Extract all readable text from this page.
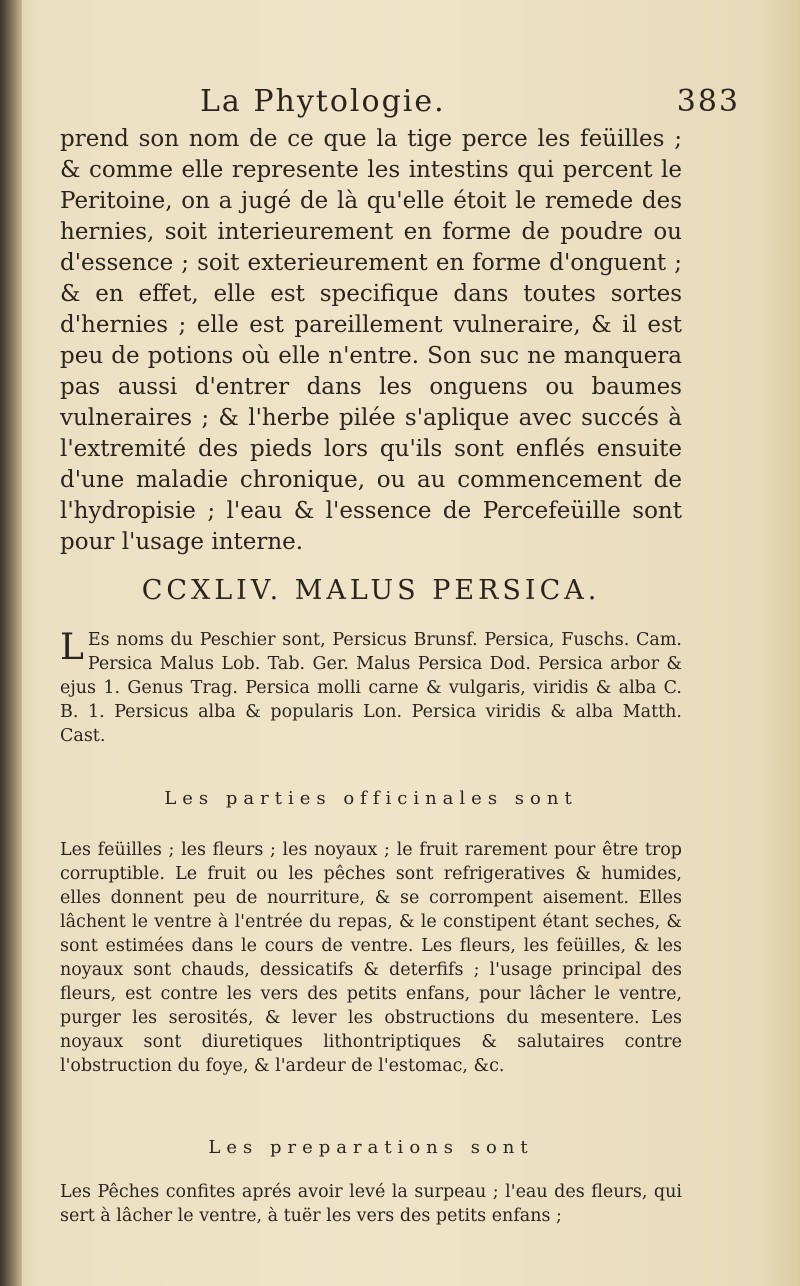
La Phytologie.	383

prend son nom de ce que la tige perce les feüilles ; & comme elle represente les intestins qui percent le Peritoine, on a jugé de là qu'elle étoit le remede des hernies, soit interieurement en forme de poudre ou d'essence ; soit exterieurement en forme d'onguent ; & en effet, elle est specifique dans toutes sortes d'hernies ; elle est pareillement vulneraire, & il est peu de potions où elle n'entre. Son suc ne manquera pas aussi d'entrer dans les onguens ou baumes vulneraires ; & l'herbe pilée s'aplique avec succés à l'extremité des pieds lors qu'ils sont enflés ensuite d'une maladie chronique, ou au commencement de l'hydropisie ; l'eau & l'essence de Percefeüille sont pour l'usage interne.

CCXLIV. MALUS PERSICA.

L Es noms du Peschier sont, Persicus Brunsf. Persica, Fuschs. Cam. Persica Malus Lob. Tab. Ger. Malus Persica Dod. Persica arbor & ejus 1. Genus Trag. Persica molli carne & vulgaris, viridis & alba C. B. 1. Persicus alba & popularis Lon. Persica viridis & alba Matth. Cast.

Les parties officinales sont

Les feüilles ; les fleurs ; les noyaux ; le fruit rarement pour être trop corruptible. Le fruit ou les pêches sont refrigeratives & humides, elles donnent peu de nourriture, & se corrompent aisement. Elles lâchent le ventre à l'entrée du repas, & le constipent étant seches, & sont estimées dans le cours de ventre. Les fleurs, les feüilles, & les noyaux sont chauds, dessicatifs & deterfifs ; l'usage principal des fleurs, est contre les vers des petits enfans, pour lâcher le ventre, purger les serosités, & lever les obstructions du mesentere. Les noyaux sont diuretiques lithontriptiques & salutaires contre l'obstruction du foye, & l'ardeur de l'estomac, &c.

Les preparations sont

Les Pêches confites aprés avoir levé la surpeau ; l'eau des fleurs, qui sert à lâcher le ventre, à tuër les vers des petits enfans ;
